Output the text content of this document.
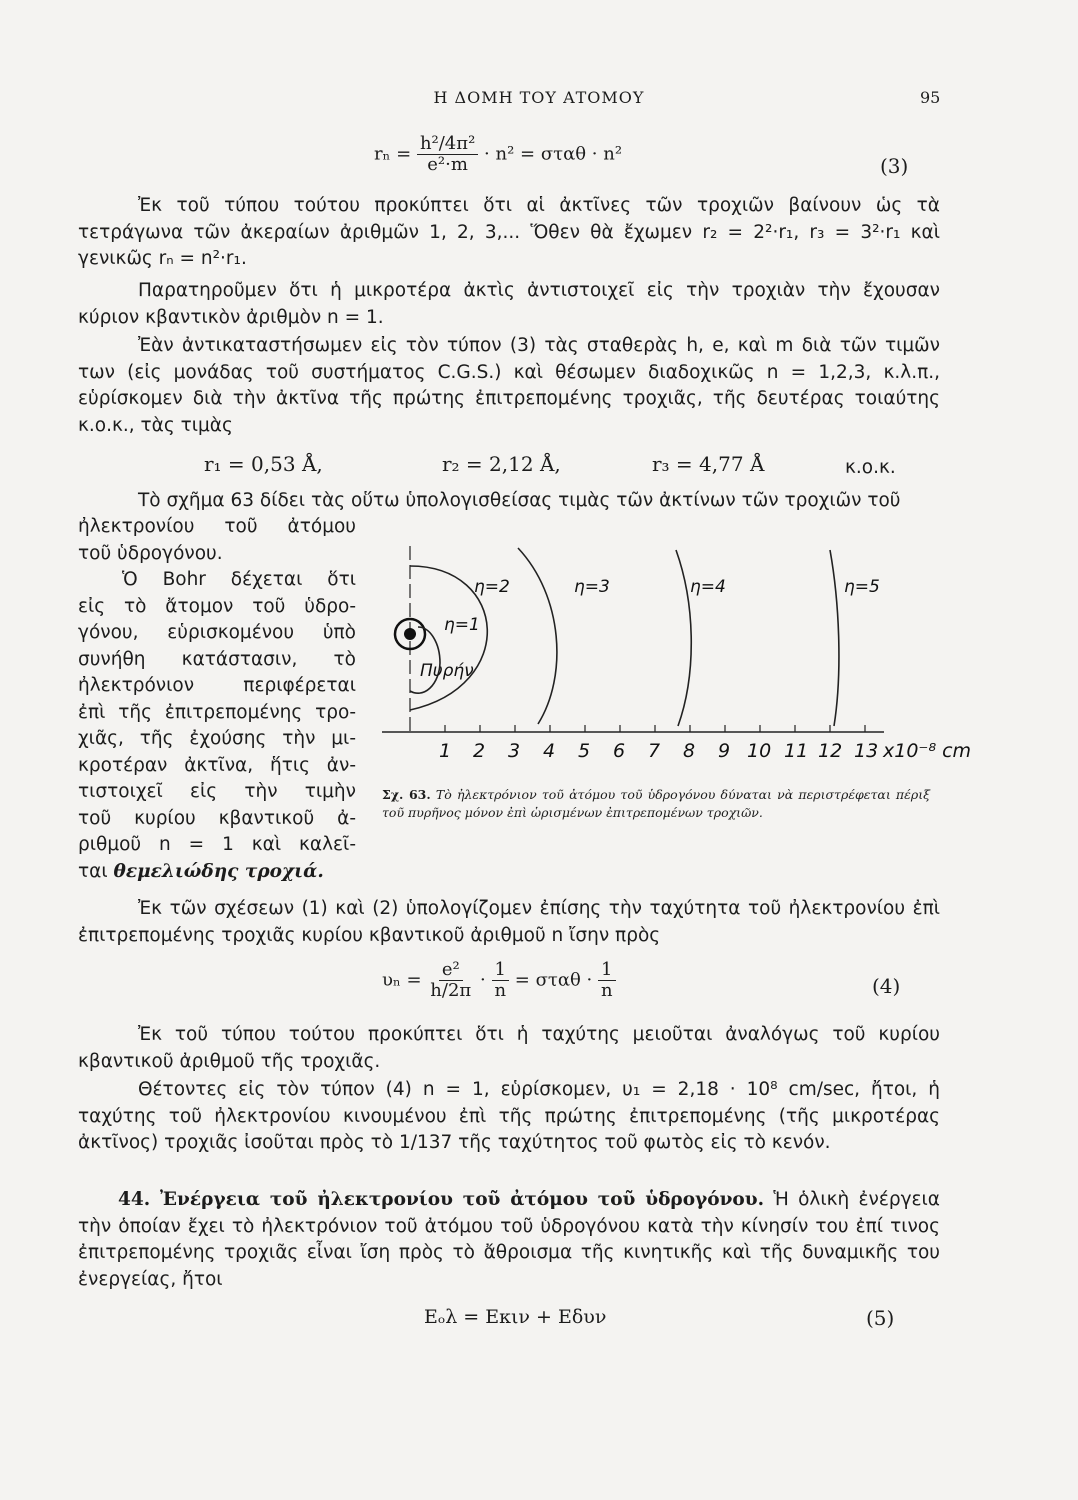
Η ΔΟΜΗ ΤΟΥ ΑΤΟΜΟΥ	95
$r_n = \frac{\text{h²/4π²}}{\text{e²·m}} \cdot n^2 = \sigma\tau\alpha\theta \cdot n^2$	(3)
Ἐκ τοῦ τύπου τούτου προκύπτει ὅτι αἱ ἀκτῖνες τῶν τροχιῶν βαίνουν ὡς τὰ τετράγωνα τῶν ἀκεραίων ἀριθμῶν 1, 2, 3,... Ὅθεν θὰ ἔχωμεν r₂ = 2²·r₁, r₃ = 3²·r₁ καὶ γενικῶς rₙ = n²·r₁.
Παρατηροῦμεν ὅτι ἡ μικροτέρα ἀκτὶς ἀντιστοιχεῖ εἰς τὴν τροχιὰν τὴν ἔχουσαν κύριον κβαντικὸν ἀριθμὸν n = 1.
Ἐὰν ἀντικαταστήσωμεν εἰς τὸν τύπον (3) τὰς σταθερὰς h, e, καὶ m διὰ τῶν τιμῶν των (εἰς μονάδας τοῦ συστήματος C.G.S.) καὶ θέσωμεν διαδοχικῶς n = 1,2,3, κ.λ.π., εὑρίσκομεν διὰ τὴν ἀκτῖνα τῆς πρώτης ἐπιτρεπομένης τροχιᾶς, τῆς δευτέρας τοιαύτης κ.ο.κ., τὰς τιμὰς
r₁ = 0,53 Å,	r₂ = 2,12 Å,	r₃ = 4,77 Å	κ.ο.κ.
Τὸ σχῆμα 63 δίδει τὰς οὕτω ὑπολογισθείσας τιμὰς τῶν ἀκτίνων τῶν τροχιῶν τοῦ
ἠλεκτρονίου τοῦ ἀτόμου
τοῦ ὑδρογόνου.
Ὁ Bohr δέχεται ὅτι
εἰς τὸ ἄτομον τοῦ ὑδρο-
γόνου, εὑρισκομένου ὑπὸ
συνήθη κατάστασιν, τὸ
ἠλεκτρόνιον περιφέρεται
ἐπὶ τῆς ἐπιτρεπομένης τρο-
χιᾶς, τῆς ἐχούσης τὴν μι-
κροτέραν ἀκτῖνα, ἥτις ἀν-
τιστοιχεῖ εἰς τὴν τιμὴν
τοῦ κυρίου κβαντικοῦ ἀ-
ριθμοῦ n = 1 καὶ καλεῖ-
ται θεμελιώδης τροχιά.
η=1
η=2	η=3	η=4	η=5
Πυρήν
1 2 3 4 5 6 7 8 9 10 11 12 13 x10⁻⁸ cm
Σχ. 63. Τὸ ἠλεκτρόνιον τοῦ ἀτόμου τοῦ ὑδρογόνου δύναται νὰ περιστρέφεται πέριξ τοῦ πυρῆνος μόνον ἐπὶ ὡρισμένων ἐπιτρεπομένων τροχιῶν.
Ἐκ τῶν σχέσεων (1) καὶ (2) ὑπολογίζομεν ἐπίσης τὴν ταχύτητα τοῦ ἠλεκτρονίου ἐπὶ ἐπιτρεπομένης τροχιᾶς κυρίου κβαντικοῦ ἀριθμοῦ n ἴσην πρὸς
$\upsilon_n = \frac{\text{e²}}{h/2\pi} \cdot \frac{1}{n} = \sigma\tau\alpha\theta \cdot \frac{1}{n}$	(4)
Ἐκ τοῦ τύπου τούτου προκύπτει ὅτι ἡ ταχύτης μειοῦται ἀναλόγως τοῦ κυρίου κβαντικοῦ ἀριθμοῦ τῆς τροχιᾶς.
Θέτοντες εἰς τὸν τύπον (4) n = 1, εὑρίσκομεν, υ₁ = 2,18 · 10⁸ cm/sec, ἤτοι, ἡ ταχύτης τοῦ ἠλεκτρονίου κινουμένου ἐπὶ τῆς πρώτης ἐπιτρεπομένης (τῆς μικροτέρας ἀκτῖνος) τροχιᾶς ἰσοῦται πρὸς τὸ 1/137 τῆς ταχύτητος τοῦ φωτὸς εἰς τὸ κενόν.
44. Ἐνέργεια τοῦ ἠλεκτρονίου τοῦ ἀτόμου τοῦ ὑδρογόνου. Ἡ ὁλικὴ ἐνέργεια τὴν ὁποίαν ἔχει τὸ ἠλεκτρόνιον τοῦ ἀτόμου τοῦ ὑδρογόνου κατὰ τὴν κίνησίν του ἐπί τινος ἐπιτρεπομένης τροχιᾶς εἶναι ἴση πρὸς τὸ ἄθροισμα τῆς κινητικῆς καὶ τῆς δυναμικῆς του ἐνεργείας, ἤτοι
Eₒλ = Eκιν + Eδυν	(5)
